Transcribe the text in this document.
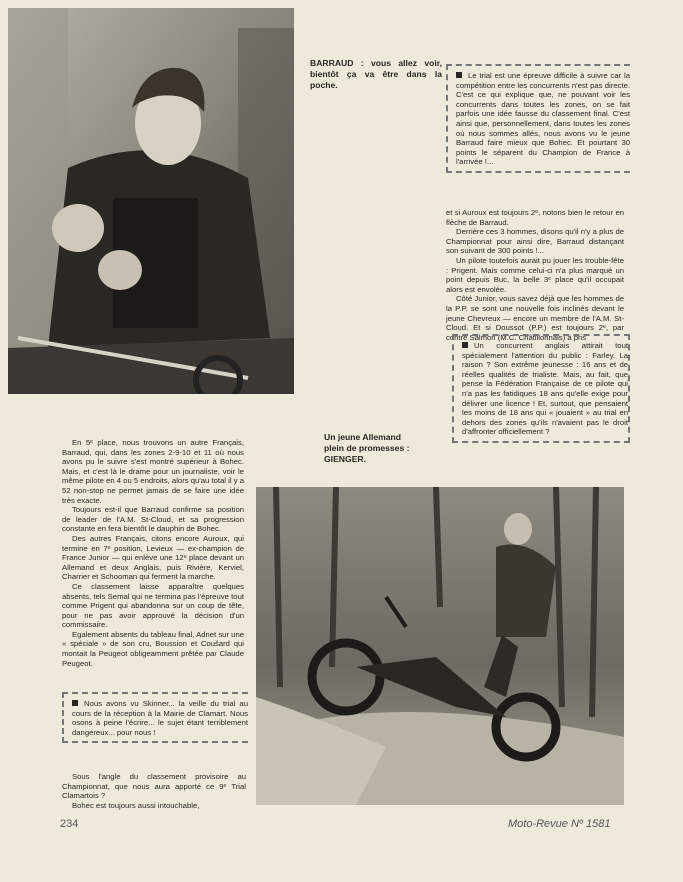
BARRAUD : vous allez voir, bientôt ça va être dans la poche.

Le trial est une épreuve difficile à suivre car la compétition entre les concurrents n'est pas directe. C'est ce qui explique que, ne pouvant voir les concurrents dans toutes les zones, on se fait parfois une idée fausse du classement final. C'est ainsi que, personnellement, dans toutes les zones où nous sommes allés, nous avons vu le jeune Barraud faire mieux que Bohec. Et pourtant 30 points le séparent du Champion de France à l'arrivée !...

et si Auroux est toujours 2ᵉ, notons bien le retour en flèche de Barraud.

Derrière ces 3 hommes, disons qu'il n'y a plus de Championnat pour ainsi dire, Barraud distançant son suivant de 300 points !...

Un pilote toutefois aurait pu jouer les trouble-fête : Prigent. Mais comme celui-ci n'a plus marqué un point depuis Buc, la belle 3ᵉ place qu'il occupait alors est envolée.

Côté Junior, vous savez déjà que les hommes de la P.P. se sont une nouvelle fois inclinés devant le jeune Chevreux — encore un membre de l'A.M. St-Cloud. Et si Doussot (P.P.) est toujours 2ᵉ, par contre Salmon (M.C. Châtillonnais) a pris

Un concurrent anglais attirait tout spécialement l'attention du public : Farley. La raison ? Son extrême jeunesse : 16 ans et de réelles qualités de trialiste. Mais, au fait, que pense la Fédération Française de ce pilote qui n'a pas les fatidiques 18 ans qu'elle exige pour délivrer une licence ! Et, surtout, que pensaient les moins de 18 ans qui « jouaient » au trial en dehors des zones qu'ils n'avaient pas le droit d'affronter officiellement ?

Un jeune Allemand
plein de promesses :
GIENGER.

En 5ᵉ place, nous trouvons un autre Français, Barraud, qui, dans les zones 2-9-10 et 11 où nous avons pu le suivre s'est montré supérieur à Bohec. Mais, et c'est là le drame pour un journaliste, voir le même pilote en 4 ou 5 endroits, alors qu'au total il y a 52 non-stop ne permet jamais de se faire une idée très exacte.

Toujours est-il que Barraud confirme sa position de leader de l'A.M. St-Cloud, et sa progression constante en fera bientôt le dauphin de Bohec.

Des autres Français, citons encore Auroux, qui termine en 7ᵉ position, Levieux — ex-champion de France Junior — qui enlève une 12ᵉ place devant un Allemand et deux Anglais, puis Rivière, Kerviel, Charrier et Schooman qui ferment la marche.

Ce classement laisse apparaître quelques absents, tels Semal qui ne termina pas l'épreuve tout comme Prigent qui abandonna sur un coup de tête, pour ne pas avoir approuvé la décision d'un commissaire.

Egalement absents du tableau final, Adnet sur une « spéciale » de son cru, Boussion et Coušard qui montait la Peugeot obligeamment prêtée par Claude Peugeot.

Nous avons vu Skinner... la veille du trial au cours de la réception à la Mairie de Clamart. Nous osons à peine l'écrire... le sujet étant terriblement dangereux... pour nous !

Sous l'angle du classement provisoire au Championnat, que nous aura apporté ce 9ᵉ Trial Clamartois ?

Bohec est toujours aussi intouchable,

234	Moto-Revue Nº 1581
